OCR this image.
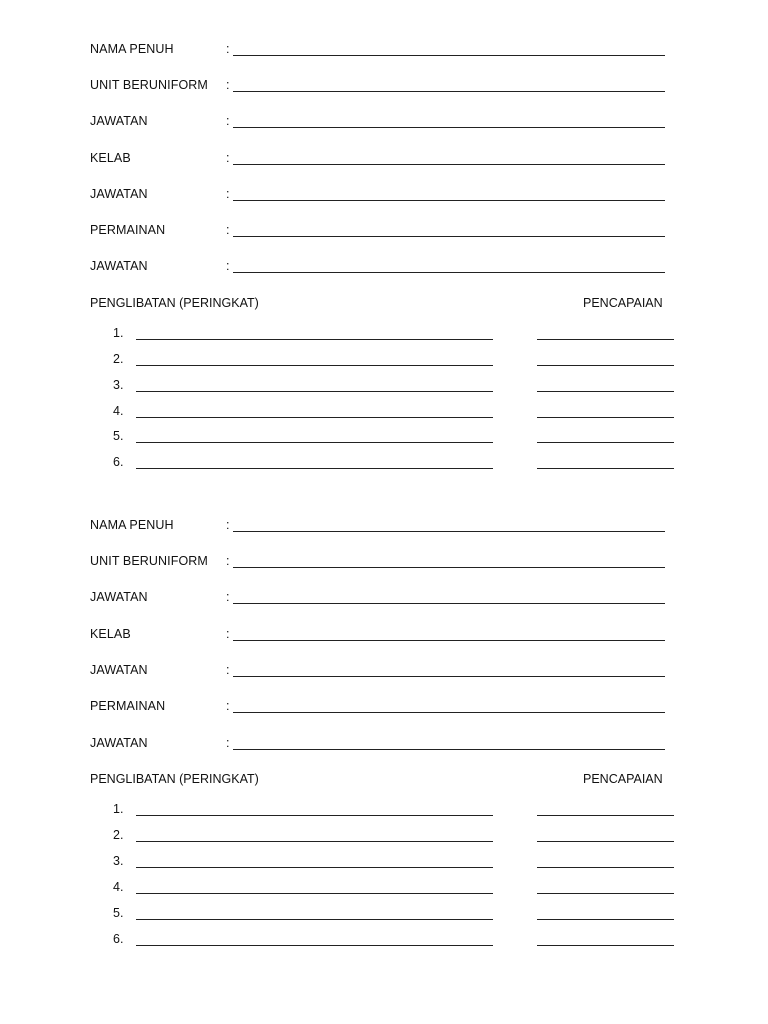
NAMA PENUH	:
UNIT BERUNIFORM :
JAWATAN	:
KELAB	:
JAWATAN	:
PERMAINAN	:
JAWATAN	:
PENGLIBATAN (PERINGKAT)	PENCAPAIAN
1.
2.
3.
4.
5.
6.
NAMA PENUH	:
UNIT BERUNIFORM :
JAWATAN	:
KELAB	:
JAWATAN	:
PERMAINAN	:
JAWATAN	:
PENGLIBATAN (PERINGKAT)	PENCAPAIAN
1.
2.
3.
4.
5.
6.
